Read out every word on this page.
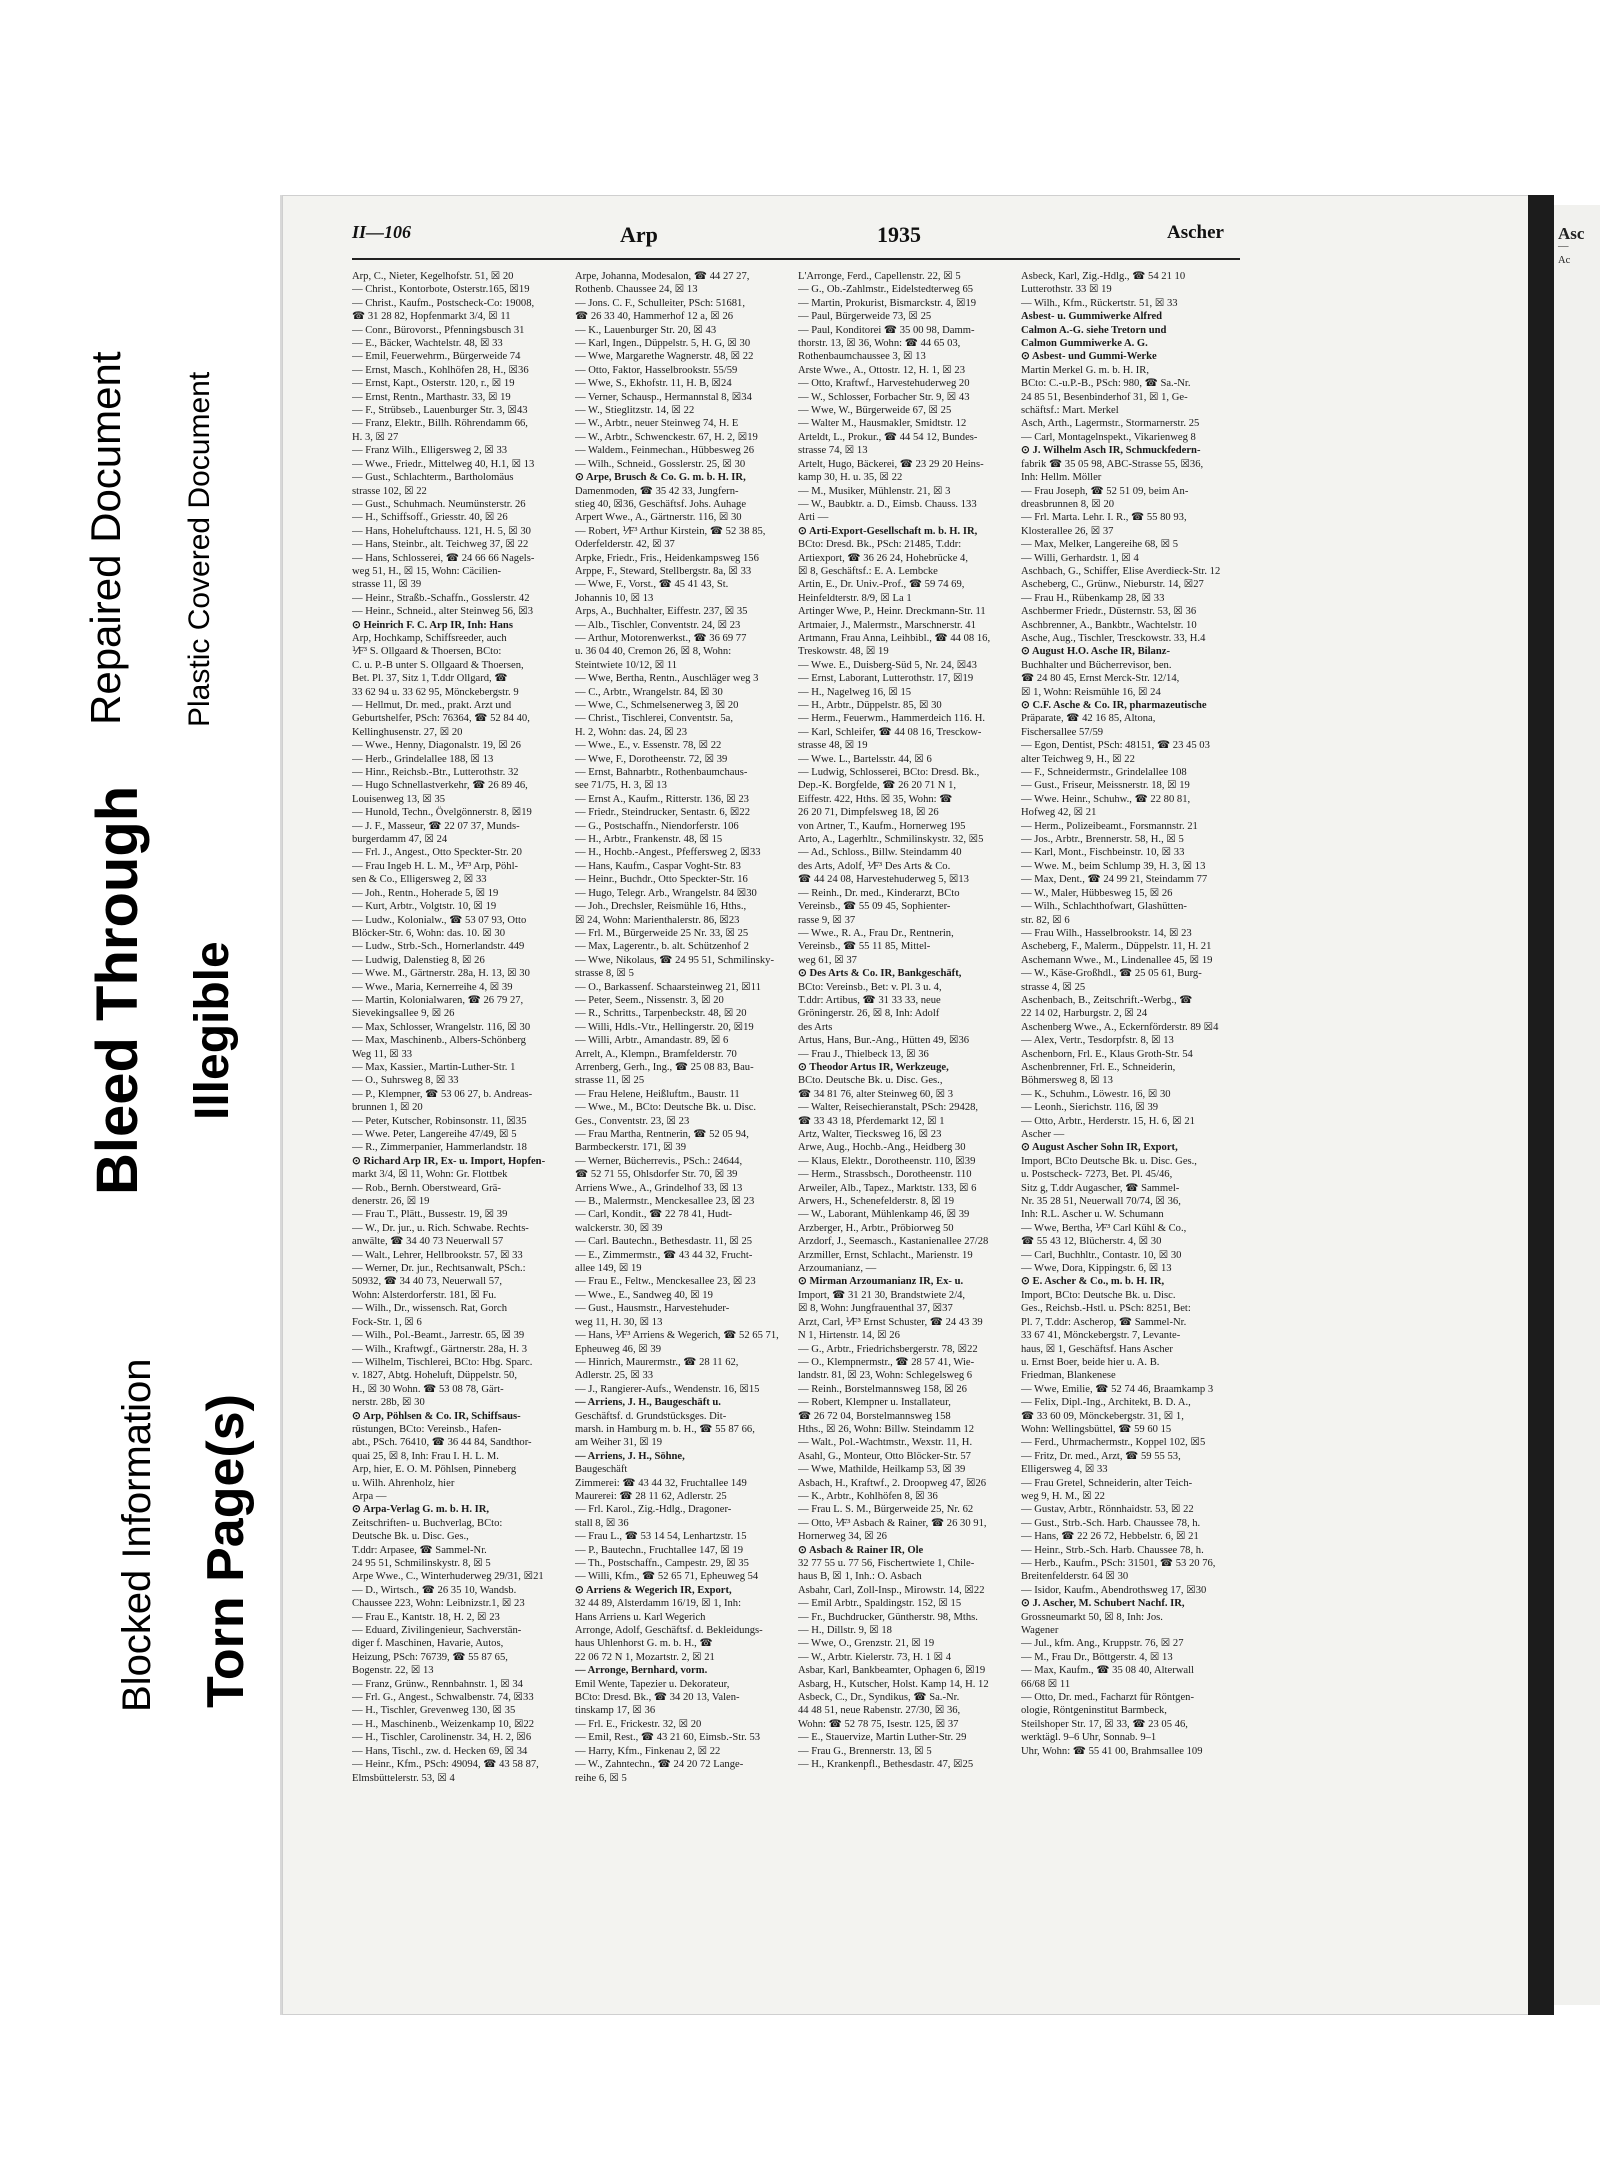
Repaired Document Plastic Covered Document
Bleed Through Illegible
Blocked Information Torn Page(s)
Asc
—
Ac
II—106	Arp	1935	Ascher
Arp, C., Nieter, Kegelhofstr. 51, ☒ 20
— Christ., Kontorbote, Osterstr.165, ☒19
— Christ., Kaufm., Postscheck-Co: 19008,
☎ 31 28 82, Hopfenmarkt 3/4, ☒ 11
— Conr., Bürovorst., Pfenningsbusch 31
— E., Bäcker, Wachtelstr. 48, ☒ 33
— Emil, Feuerwehrm., Bürgerweide 74
— Ernst, Masch., Kohlhöfen 28, H., ☒36
— Ernst, Kapt., Osterstr. 120, r., ☒ 19
— Ernst, Rentn., Marthastr. 33, ☒ 19
— F., Strübseb., Lauenburger Str. 3, ☒43
— Franz, Elektr., Billh. Röhrendamm 66,
H. 3, ☒ 27
— Franz Wilh., Elligersweg 2, ☒ 33
— Wwe., Friedr., Mittelweg 40, H.1, ☒ 13
— Gust., Schlachterm., Bartholomäus
strasse 102, ☒ 22
— Gust., Schuhmach. Neumünsterstr. 26
— H., Schiffsoff., Griesstr. 40, ☒ 26
— Hans, Hoheluftchauss. 121, H. 5, ☒ 30
— Hans, Steinbr., alt. Teichweg 37, ☒ 22
— Hans, Schlosserei, ☎ 24 66 66 Nagels-
weg 51, H., ☒ 15, Wohn: Cäcilien-
strasse 11, ☒ 39
— Heinr., Straßb.-Schaffn., Gosslerstr. 42
— Heinr., Schneid., alter Steinweg 56, ☒3
⊙ Heinrich F. C. Arp IR, Inh: Hans
Arp, Hochkamp, Schiffsreeder, auch
⅟F³ S. Ollgaard & Thoersen, BCto:
C. u. P.-B unter S. Ollgaard & Thoersen,
Bet. Pl. 37, Sitz 1, T.ddr Ollgard, ☎
33 62 94 u. 33 62 95, Mönckebergstr. 9
— Hellmut, Dr. med., prakt. Arzt und
Geburtshelfer, PSch: 76364, ☎ 52 84 40,
Kellinghusenstr. 27, ☒ 20
— Wwe., Henny, Diagonalstr. 19, ☒ 26
— Herb., Grindelallee 188, ☒ 13
— Hinr., Reichsb.-Btr., Lutterothstr. 32
— Hugo Schnellastverkehr, ☎ 26 89 46,
Louisenweg 13, ☒ 35
— Hunold, Techn., Övelgönnerstr. 8, ☒19
— J. F., Masseur, ☎ 22 07 37, Munds-
burgerdamm 47, ☒ 24
— Frl. J., Angest., Otto Speckter-Str. 20
— Frau Ingeb H. L. M., ⅟F³ Arp, Pöhl-
sen & Co., Elligersweg 2, ☒ 33
— Joh., Rentn., Hoherade 5, ☒ 19
— Kurt, Arbtr., Volgtstr. 10, ☒ 19
— Ludw., Kolonialw., ☎ 53 07 93, Otto
Blöcker-Str. 6, Wohn: das. 10. ☒ 30
— Ludw., Strb.-Sch., Hornerlandstr. 449
— Ludwig, Dalenstieg 8, ☒ 26
— Wwe. M., Gärtnerstr. 28a, H. 13, ☒ 30
— Wwe., Maria, Kernerreihe 4, ☒ 39
— Martin, Kolonialwaren, ☎ 26 79 27,
Sievekingsallee 9, ☒ 26
— Max, Schlosser, Wrangelstr. 116, ☒ 30
— Max, Maschinenb., Albers-Schönberg
Weg 11, ☒ 33
— Max, Kassier., Martin-Luther-Str. 1
— O., Suhrsweg 8, ☒ 33
— P., Klempner, ☎ 53 06 27, b. Andreas-
brunnen 1, ☒ 20
— Peter, Kutscher, Robinsonstr. 11, ☒35
— Wwe. Peter, Langereihe 47/49, ☒ 5
— R., Zimmerpanier, Hammerlandstr. 18
⊙ Richard Arp IR, Ex- u. Import, Hopfen-
markt 3/4, ☒ 11, Wohn: Gr. Flottbek
— Rob., Bernh. Oberstweard, Grä-
denerstr. 26, ☒ 19
— Frau T., Plätt., Bussestr. 19, ☒ 39
— W., Dr. jur., u. Rich. Schwabe. Rechts-
anwälte, ☎ 34 40 73 Neuerwall 57
— Walt., Lehrer, Hellbrookstr. 57, ☒ 33
— Werner, Dr. jur., Rechtsanwalt, PSch.:
50932, ☎ 34 40 73, Neuerwall 57,
Wohn: Alsterdorferstr. 181, ☒ Fu.
— Wilh., Dr., wissensch. Rat, Gorch
Fock-Str. 1, ☒ 6
— Wilh., Pol.-Beamt., Jarrestr. 65, ☒ 39
— Wilh., Kraftwgf., Gärtnerstr. 28a, H. 3
— Wilhelm, Tischlerei, BCto: Hbg. Sparc.
v. 1827, Abtg. Hoheluft, Düppelstr. 50,
H., ☒ 30 Wohn. ☎ 53 08 78, Gärt-
nerstr. 28b, ☒ 30
⊙ Arp, Pöhlsen & Co. IR, Schiffsaus-
rüstungen, BCto: Vereinsb., Hafen-
abt., PSch. 76410, ☎ 36 44 84, Sandthor-
quai 25, ☒ 8, Inh: Frau I. H. L. M.
Arp, hier, E. O. M. Pöhlsen, Pinneberg
u. Wilh. Ahrenholz, hier
Arpa —
⊙ Arpa-Verlag G. m. b. H. IR,
Zeitschriften- u. Buchverlag, BCto:
Deutsche Bk. u. Disc. Ges.,
T.ddr: Arpasee, ☎ Sammel-Nr.
24 95 51, Schmilinskystr. 8, ☒ 5
Arpe Wwe., C., Winterhuderweg 29/31, ☒21
— D., Wirtsch., ☎ 26 35 10, Wandsb.
Chaussee 223, Wohn: Leibnizstr.1, ☒ 23
— Frau E., Kantstr. 18, H. 2, ☒ 23
— Eduard, Zivilingenieur, Sachverstän-
diger f. Maschinen, Havarie, Autos,
Heizung, PSch: 76739, ☎ 55 87 65,
Bogenstr. 22, ☒ 13
— Franz, Grünw., Rennbahnstr. 1, ☒ 34
— Frl. G., Angest., Schwalbenstr. 74, ☒33
— H., Tischler, Grevenweg 130, ☒ 35
— H., Maschinenb., Weizenkamp 10, ☒22
— H., Tischler, Carolinenstr. 34, H. 2, ☒6
— Hans, Tischl., zw. d. Hecken 69, ☒ 34
— Heinr., Kfm., PSch: 49094, ☎ 43 58 87,
Elmsbüttelerstr. 53, ☒ 4
Arpe, Johanna, Modesalon, ☎ 44 27 27,
Rothenb. Chaussee 24, ☒ 13
— Jons. C. F., Schulleiter, PSch: 51681,
☎ 26 33 40, Hammerhof 12 a, ☒ 26
— K., Lauenburger Str. 20, ☒ 43
— Karl, Ingen., Düppelstr. 5, H. G, ☒ 30
— Wwe, Margarethe Wagnerstr. 48, ☒ 22
— Otto, Faktor, Hasselbrookstr. 55/59
— Wwe, S., Ekhofstr. 11, H. B, ☒24
— Verner, Schausp., Hermannstal 8, ☒34
— W., Stieglitzstr. 14, ☒ 22
— W., Arbtr., neuer Steinweg 74, H. E
— W., Arbtr., Schwenckestr. 67, H. 2, ☒19
— Waldem., Feinmechan., Hübbesweg 26
— Wilh., Schneid., Gosslerstr. 25, ☒ 30
⊙ Arpe, Brusch & Co. G. m. b. H. IR,
Damenmoden, ☎ 35 42 33, Jungfern-
stieg 40, ☒36, Geschäftsf. Johs. Auhage
Arpert Wwe., A., Gärtnerstr. 116, ☒ 30
— Robert, ⅟F³ Arthur Kirstein, ☎ 52 38 85,
Oderfelderstr. 42, ☒ 37
Arpke, Friedr., Fris., Heidenkampsweg 156
Arppe, F., Steward, Stellbergstr. 8a, ☒ 33
— Wwe, F., Vorst., ☎ 45 41 43, St.
Johannis 10, ☒ 13
Arps, A., Buchhalter, Eiffestr. 237, ☒ 35
— Alb., Tischler, Conventstr. 24, ☒ 23
— Arthur, Motorenwerkst., ☎ 36 69 77
u. 36 04 40, Cremon 26, ☒ 8, Wohn:
Steintwiete 10/12, ☒ 11
— Wwe, Bertha, Rentn., Auschläger weg 3
— C., Arbtr., Wrangelstr. 84, ☒ 30
— Wwe, C., Schmelsenerweg 3, ☒ 20
— Christ., Tischlerei, Conventstr. 5a,
H. 2, Wohn: das. 24, ☒ 23
— Wwe., E., v. Essenstr. 78, ☒ 22
— Wwe, F., Dorotheenstr. 72, ☒ 39
— Ernst, Bahnarbtr., Rothenbaumchaus-
see 71/75, H. 3, ☒ 13
— Ernst A., Kaufm., Ritterstr. 136, ☒ 23
— Friedr., Steindrucker, Sentastr. 6, ☒22
— G., Postschaffn., Niendorferstr. 106
— H., Arbtr., Frankenstr. 48, ☒ 15
— H., Hochb.-Angest., Pfeffersweg 2, ☒33
— Hans, Kaufm., Caspar Voght-Str. 83
— Heinr., Buchdr., Otto Speckter-Str. 16
— Hugo, Telegr. Arb., Wrangelstr. 84 ☒30
— Joh., Drechsler, Reismühle 16, Hths.,
☒ 24, Wohn: Marienthalerstr. 86, ☒23
— Frl. M., Bürgerweide 25 Nr. 33, ☒ 25
— Max, Lagerentr., b. alt. Schützenhof 2
— Wwe, Nikolaus, ☎ 24 95 51, Schmilinsky-
strasse 8, ☒ 5
— O., Barkassenf. Schaarsteinweg 21, ☒11
— Peter, Seem., Nissenstr. 3, ☒ 20
— R., Schritts., Tarpenbeckstr. 48, ☒ 20
— Willi, Hdls.-Vtr., Hellingerstr. 20, ☒19
— Willi, Arbtr., Amandastr. 89, ☒ 6
Arrelt, A., Klempn., Bramfelderstr. 70
Arrenberg, Gerh., Ing., ☎ 25 08 83, Bau-
strasse 11, ☒ 25
— Frau Helene, Heißluftm., Baustr. 11
— Wwe., M., BCto: Deutsche Bk. u. Disc.
Ges., Conventstr. 23, ☒ 23
— Frau Martha, Rentnerin, ☎ 52 05 94,
Barmbeckerstr. 171, ☒ 39
— Werner, Bücherrevis., PSch.: 24644,
☎ 52 71 55, Ohlsdorfer Str. 70, ☒ 39
Arriens Wwe., A., Grindelhof 33, ☒ 13
— B., Malermstr., Menckesallee 23, ☒ 23
— Carl, Kondit., ☎ 22 78 41, Hudt-
walckerstr. 30, ☒ 39
— Carl. Bautechn., Bethesdastr. 11, ☒ 25
— E., Zimmermstr., ☎ 43 44 32, Frucht-
allee 149, ☒ 19
— Frau E., Feltw., Menckesallee 23, ☒ 23
— Wwe., E., Sandweg 40, ☒ 19
— Gust., Hausmstr., Harvestehuder-
weg 11, H. 30, ☒ 13
— Hans, ⅟F³ Arriens & Wegerich, ☎ 52 65 71,
Epheuweg 46, ☒ 39
— Hinrich, Maurermstr., ☎ 28 11 62,
Adlerstr. 25, ☒ 33
— J., Rangierer-Aufs., Wendenstr. 16, ☒15
— Arriens, J. H., Baugeschäft u.
Geschäftsf. d. Grundstücksges. Dit-
marsh. in Hamburg m. b. H., ☎ 55 87 66,
am Weiher 31, ☒ 19
— Arriens, J. H., Söhne,
Baugeschäft
Zimmerei: ☎ 43 44 32, Fruchtallee 149
Maurerei: ☎ 28 11 62, Adlerstr. 25
— Frl. Karol., Zig.-Hdlg., Dragoner-
stall 8, ☒ 36
— Frau L., ☎ 53 14 54, Lenhartzstr. 15
— P., Bautechn., Fruchtallee 147, ☒ 19
— Th., Postschaffn., Campestr. 29, ☒ 35
— Willi, Kfm., ☎ 52 65 71, Epheuweg 54
⊙ Arriens & Wegerich IR, Export,
32 44 89, Alsterdamm 16/19, ☒ 1, Inh:
Hans Arriens u. Karl Wegerich
Arronge, Adolf, Geschäftsf. d. Bekleidungs-
haus Uhlenhorst G. m. b. H., ☎
22 06 72 N 1, Mozartstr. 2, ☒ 21
— Arronge, Bernhard, vorm.
Emil Wente, Tapezier u. Dekorateur,
BCto: Dresd. Bk., ☎ 34 20 13, Valen-
tinskamp 17, ☒ 36
— Frl. E., Frickestr. 32, ☒ 20
— Emil, Rest., ☎ 43 21 60, Eimsb.-Str. 53
— Harry, Kfm., Finkenau 2, ☒ 22
— W., Zahntechn., ☎ 24 20 72 Lange-
reihe 6, ☒ 5
L'Arronge, Ferd., Capellenstr. 22, ☒ 5
— G., Ob.-Zahlmstr., Eidelstedterweg 65
— Martin, Prokurist, Bismarckstr. 4, ☒19
— Paul, Bürgerweide 73, ☒ 25
— Paul, Konditorei ☎ 35 00 98, Damm-
thorstr. 13, ☒ 36, Wohn: ☎ 44 65 03,
Rothenbaumchaussee 3, ☒ 13
Arste Wwe., A., Ottostr. 12, H. 1, ☒ 23
— Otto, Kraftwf., Harvestehuderweg 20
— W., Schlosser, Forbacher Str. 9, ☒ 43
— Wwe, W., Bürgerweide 67, ☒ 25
— Walter M., Hausmakler, Smidtstr. 12
Arteldt, L., Prokur., ☎ 44 54 12, Bundes-
strasse 74, ☒ 13
Artelt, Hugo, Bäckerei, ☎ 23 29 20 Heins-
kamp 30, H. u. 35, ☒ 22
— M., Musiker, Mühlenstr. 21, ☒ 3
— W., Baubktr. a. D., Eimsb. Chauss. 133
Arti —
⊙ Arti-Export-Gesellschaft m. b. H. IR,
BCto: Dresd. Bk., PSch: 21485, T.ddr:
Artiexport, ☎ 36 26 24, Hohebrücke 4,
☒ 8, Geschäftsf.: E. A. Lembcke
Artin, E., Dr. Univ.-Prof., ☎ 59 74 69,
Heinfeldterstr. 8/9, ☒ La 1
Artinger Wwe, P., Heinr. Dreckmann-Str. 11
Artmaier, J., Malermstr., Marschnerstr. 41
Artmann, Frau Anna, Leihbibl., ☎ 44 08 16,
Treskowstr. 48, ☒ 19
— Wwe. E., Duisberg-Süd 5, Nr. 24, ☒43
— Ernst, Laborant, Lutterothstr. 17, ☒19
— H., Nagelweg 16, ☒ 15
— H., Arbtr., Düppelstr. 85, ☒ 30
— Herm., Feuerwm., Hammerdeich 116. H.
— Karl, Schleifer, ☎ 44 08 16, Tresckow-
strasse 48, ☒ 19
— Wwe. L., Bartelsstr. 44, ☒ 6
— Ludwig, Schlosserei, BCto: Dresd. Bk.,
Dep.-K. Borgfelde, ☎ 26 20 71 N 1,
Eiffestr. 422, Hths. ☒ 35, Wohn: ☎
26 20 71, Dimpfelsweg 18, ☒ 26
von Artner, T., Kaufm., Hornerweg 195
Arto, A., Lagerhltr., Schmilinskystr. 32, ☒5
— Ad., Schloss., Billw. Steindamm 40
des Arts, Adolf, ⅟F³ Des Arts & Co.
☎ 44 24 08, Harvestehuderweg 5, ☒13
— Reinh., Dr. med., Kinderarzt, BCto
Vereinsb., ☎ 55 09 45, Sophienter-
rasse 9, ☒ 37
— Wwe., R. A., Frau Dr., Rentnerin,
Vereinsb., ☎ 55 11 85, Mittel-
weg 61, ☒ 37
⊙ Des Arts & Co. IR, Bankgeschäft,
BCto: Vereinsb., Bet: v. Pl. 3 u. 4,
T.ddr: Artibus, ☎ 31 33 33, neue
Gröningerstr. 26, ☒ 8, Inh: Adolf
des Arts
Artus, Hans, Bur.-Ang., Hütten 49, ☒36
— Frau J., Thielbeck 13, ☒ 36
⊙ Theodor Artus IR, Werkzeuge,
BCto. Deutsche Bk. u. Disc. Ges.,
☎ 34 81 76, alter Steinweg 60, ☒ 3
— Walter, Reisechieranstalt, PSch: 29428,
☎ 33 43 18, Pferdemarkt 12, ☒ 1
Artz, Walter, Tiecksweg 16, ☒ 23
Arwe, Aug., Hochb.-Ang., Heidberg 30
— Klaus, Elektr., Dorotheenstr. 110, ☒39
— Herm., Strassbsch., Dorotheenstr. 110
Arweiler, Alb., Tapez., Marktstr. 133, ☒ 6
Arwers, H., Schenefelderstr. 8, ☒ 19
— W., Laborant, Mühlenkamp 46, ☒ 39
Arzberger, H., Arbtr., Pröbiorweg 50
Arzdorf, J., Seemasch., Kastanienallee 27/28
Arzmiller, Ernst, Schlacht., Marienstr. 19
Arzoumanianz, —
⊙ Mirman Arzoumanianz IR, Ex- u.
Import, ☎ 31 21 30, Brandstwiete 2/4,
☒ 8, Wohn: Jungfrauenthal 37, ☒37
Arzt, Carl, ⅟F³ Ernst Schuster, ☎ 24 43 39
N 1, Hirtenstr. 14, ☒ 26
— G., Arbtr., Friedrichsbergerstr. 78, ☒22
— O., Klempnermstr., ☎ 28 57 41, Wie-
landstr. 81, ☒ 23, Wohn: Schlegelsweg 6
— Reinh., Borstelmannsweg 158, ☒ 26
— Robert, Klempner u. Installateur,
☎ 26 72 04, Borstelmannsweg 158
Hths., ☒ 26, Wohn: Billw. Steindamm 12
— Walt., Pol.-Wachtmstr., Wexstr. 11, H.
Asahl, G., Monteur, Otto Blöcker-Str. 57
— Wwe, Mathilde, Heilkamp 53, ☒ 39
Asbach, H., Kraftwf., 2. Droopweg 47, ☒26
— K., Arbtr., Kohlhöfen 8, ☒ 36
— Frau L. S. M., Bürgerweide 25, Nr. 62
— Otto, ⅟F³ Asbach & Rainer, ☎ 26 30 91,
Hornerweg 34, ☒ 26
⊙ Asbach & Rainer IR, Ole
32 77 55 u. 77 56, Fischertwiete 1, Chile-
haus B, ☒ 1, Inh.: O. Asbach
Asbahr, Carl, Zoll-Insp., Mirowstr. 14, ☒22
— Emil Arbtr., Spaldingstr. 152, ☒ 15
— Fr., Buchdrucker, Güntherstr. 98, Mths.
— H., Dillstr. 9, ☒ 18
— Wwe, O., Grenzstr. 21, ☒ 19
— W., Arbtr. Kielerstr. 73, H. 1 ☒ 4
Asbar, Karl, Bankbeamter, Ophagen 6, ☒19
Asbarg, H., Kutscher, Holst. Kamp 14, H. 12
Asbeck, C., Dr., Syndikus, ☎ Sa.-Nr.
44 48 51, neue Rabenstr. 27/30, ☒ 36,
Wohn: ☎ 52 78 75, Isestr. 125, ☒ 37
— E., Stauervize, Martin Luther-Str. 29
— Frau G., Brennerstr. 13, ☒ 5
— H., Krankenpfl., Bethesdastr. 47, ☒25
Asbeck, Karl, Zig.-Hdlg., ☎ 54 21 10
Lutterothstr. 33 ☒ 19
— Wilh., Kfm., Rückertstr. 51, ☒ 33
Asbest- u. Gummiwerke Alfred
Calmon A.-G. siehe Tretorn und
Calmon Gummiwerke A. G.
⊙ Asbest- und Gummi-Werke
Martin Merkel G. m. b. H. IR,
BCto: C.-u.P.-B., PSch: 980, ☎ Sa.-Nr.
24 85 51, Besenbinderhof 31, ☒ 1, Ge-
schäftsf.: Mart. Merkel
Asch, Arth., Lagermstr., Stormarnerstr. 25
— Carl, Montagelnspekt., Vikarienweg 8
⊙ J. Wilhelm Asch IR, Schmuckfedern-
fabrik ☎ 35 05 98, ABC-Strasse 55, ☒36,
Inh: Hellm. Möller
— Frau Joseph, ☎ 52 51 09, beim An-
dreasbrunnen 8, ☒ 20
— Frl. Marta. Lehr. I. R., ☎ 55 80 93,
Klosterallee 26, ☒ 37
— Max, Melker, Langereihe 68, ☒ 5
— Willi, Gerhardstr. 1, ☒ 4
Aschbach, G., Schiffer, Elise Averdieck-Str. 12
Ascheberg, C., Grünw., Nieburstr. 14, ☒27
— Frau H., Rübenkamp 28, ☒ 33
Aschbermer Friedr., Düsternstr. 53, ☒ 36
Aschbrenner, A., Bankbtr., Wachtelstr. 10
Asche, Aug., Tischler, Tresckowstr. 33, H.4
⊙ August H.O. Asche IR, Bilanz-
Buchhalter und Bücherrevisor, ben.
☎ 24 80 45, Ernst Merck-Str. 12/14,
☒ 1, Wohn: Reismühle 16, ☒ 24
⊙ C.F. Asche & Co. IR, pharmazeutische
Präparate, ☎ 42 16 85, Altona,
Fischersallee 57/59
— Egon, Dentist, PSch: 48151, ☎ 23 45 03
alter Teichweg 9, H., ☒ 22
— F., Schneidermstr., Grindelallee 108
— Gust., Friseur, Meissnerstr. 18, ☒ 19
— Wwe. Heinr., Schuhw., ☎ 22 80 81,
Hofweg 42, ☒ 21
— Herm., Polizeibeamt., Forsmannstr. 21
— Jos., Arbtr., Brennerstr. 58, H., ☒ 5
— Karl, Mont., Fischbeinstr. 10, ☒ 33
— Wwe. M., beim Schlump 39, H. 3, ☒ 13
— Max, Dent., ☎ 24 99 21, Steindamm 77
— W., Maler, Hübbesweg 15, ☒ 26
— Wilh., Schlachthofwart, Glashütten-
str. 82, ☒ 6
— Frau Wilh., Hasselbrookstr. 14, ☒ 23
Ascheberg, F., Malerm., Düppelstr. 11, H. 21
Aschemann Wwe., M., Lindenallee 45, ☒ 19
— W., Käse-Großhdl., ☎ 25 05 61, Burg-
strasse 4, ☒ 25
Aschenbach, B., Zeitschrift.-Werbg., ☎
22 14 02, Harburgstr. 2, ☒ 24
Aschenberg Wwe., A., Eckernförderstr. 89 ☒4
— Alex, Vertr., Tesdorpfstr. 8, ☒ 13
Aschenborn, Frl. E., Klaus Groth-Str. 54
Aschenbrenner, Frl. E., Schneiderin,
Böhmersweg 8, ☒ 13
— K., Schuhm., Löwestr. 16, ☒ 30
— Leonh., Sierichstr. 116, ☒ 39
— Otto, Arbtr., Herderstr. 15, H. 6, ☒ 21
Ascher —
⊙ August Ascher Sohn IR, Export,
Import, BCto Deutsche Bk. u. Disc. Ges.,
u. Postscheck- 7273, Bet. Pl. 45/46,
Sitz g, T.ddr Augascher, ☎ Sammel-
Nr. 35 28 51, Neuerwall 70/74, ☒ 36,
Inh: R.L. Ascher u. W. Schumann
— Wwe, Bertha, ⅟F³ Carl Kühl & Co.,
☎ 55 43 12, Blücherstr. 4, ☒ 30
— Carl, Buchhltr., Contastr. 10, ☒ 30
— Wwe, Dora, Kippingstr. 6, ☒ 13
⊙ E. Ascher & Co., m. b. H. IR,
Import, BCto: Deutsche Bk. u. Disc.
Ges., Reichsb.-Hstl. u. PSch: 8251, Bet:
Pl. 7, T.ddr: Ascherop, ☎ Sammel-Nr.
33 67 41, Mönckebergstr. 7, Levante-
haus, ☒ 1, Geschäftsf. Hans Ascher
u. Ernst Boer, beide hier u. A. B.
Friedman, Blankenese
— Wwe, Emilie, ☎ 52 74 46, Braamkamp 3
— Felix, Dipl.-Ing., Architekt, B. D. A.,
☎ 33 60 09, Mönckebergstr. 31, ☒ 1,
Wohn: Wellingsbüttel, ☎ 59 60 15
— Ferd., Uhrmachermstr., Koppel 102, ☒5
— Fritz, Dr. med., Arzt, ☎ 59 55 53,
Elligersweg 4, ☒ 33
— Frau Gretel, Schneiderin, alter Teich-
weg 9, H. M., ☒ 22
— Gustav, Arbtr., Rönnhaidstr. 53, ☒ 22
— Gust., Strb.-Sch. Harb. Chaussee 78, h.
— Hans, ☎ 22 26 72, Hebbelstr. 6, ☒ 21
— Heinr., Strb.-Sch. Harb. Chaussee 78, h.
— Herb., Kaufm., PSch: 31501, ☎ 53 20 76,
Breitenfelderstr. 64 ☒ 30
— Isidor, Kaufm., Abendrothsweg 17, ☒30
⊙ J. Ascher, M. Schubert Nachf. IR,
Grossneumarkt 50, ☒ 8, Inh: Jos.
Wagener
— Jul., kfm. Ang., Kruppstr. 76, ☒ 27
— M., Frau Dr., Böttgerstr. 4, ☒ 13
— Max, Kaufm., ☎ 35 08 40, Alterwall
66/68 ☒ 11
— Otto, Dr. med., Facharzt für Röntgen-
ologie, Röntgeninstitut Barmbeck,
Steilshoper Str. 17, ☒ 33, ☎ 23 05 46,
werktägl. 9–6 Uhr, Sonnab. 9–1
Uhr, Wohn: ☎ 55 41 00, Brahmsallee 109
